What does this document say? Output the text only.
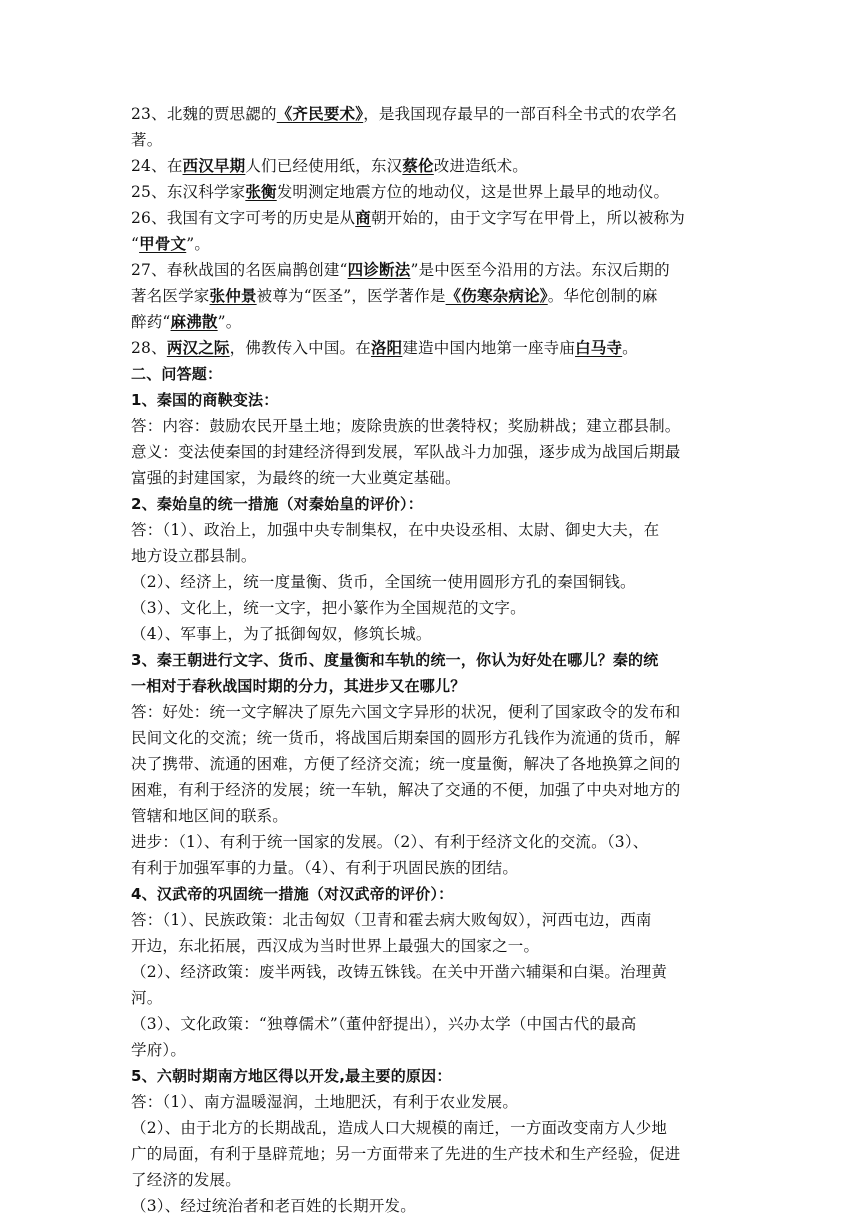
23、北魏的贾思勰的《齐民要术》，是我国现存最早的一部百科全书式的农学名
著。
24、在西汉早期人们已经使用纸，东汉蔡伦改进造纸术。
25、东汉科学家张衡发明测定地震方位的地动仪，这是世界上最早的地动仪。
26、我国有文字可考的历史是从商朝开始的，由于文字写在甲骨上，所以被称为
“甲骨文”。
27、春秋战国的名医扁鹊创建“四诊断法”是中医至今沿用的方法。东汉后期的
著名医学家张仲景被尊为“医圣”，医学著作是《伤寒杂病论》。华佗创制的麻
醉药“麻沸散”。
28、两汉之际，佛教传入中国。在洛阳建造中国内地第一座寺庙白马寺。
二、问答题：
1、秦国的商鞅变法：
答：内容：鼓励农民开垦土地；废除贵族的世袭特权；奖励耕战；建立郡县制。
意义：变法使秦国的封建经济得到发展，军队战斗力加强，逐步成为战国后期最
富强的封建国家，为最终的统一大业奠定基础。
2、秦始皇的统一措施（对秦始皇的评价）：
答：（1）、政治上，加强中央专制集权，在中央设丞相、太尉、御史大夫，在
地方设立郡县制。
（2）、经济上，统一度量衡、货币，全国统一使用圆形方孔的秦国铜钱。
（3）、文化上，统一文字，把小篆作为全国规范的文字。
（4）、军事上，为了抵御匈奴，修筑长城。
3、秦王朝进行文字、货币、度量衡和车轨的统一，你认为好处在哪儿？秦的统
一相对于春秋战国时期的分力，其进步又在哪儿？
答：好处：统一文字解决了原先六国文字异形的状况，便利了国家政令的发布和
民间文化的交流；统一货币，将战国后期秦国的圆形方孔钱作为流通的货币，解
决了携带、流通的困难，方便了经济交流；统一度量衡，解决了各地换算之间的
困难，有利于经济的发展；统一车轨，解决了交通的不便，加强了中央对地方的
管辖和地区间的联系。
进步：（1）、有利于统一国家的发展。（2）、有利于经济文化的交流。（3）、
有利于加强军事的力量。（4）、有利于巩固民族的团结。
4、汉武帝的巩固统一措施（对汉武帝的评价）：
答：（1）、民族政策：北击匈奴（卫青和霍去病大败匈奴），河西屯边，西南
开边，东北拓展，西汉成为当时世界上最强大的国家之一。
（2）、经济政策：废半两钱，改铸五铢钱。在关中开凿六辅渠和白渠。治理黄
河。
（3）、文化政策：“独尊儒术”（董仲舒提出），兴办太学（中国古代的最高
学府）。
5、六朝时期南方地区得以开发,最主要的原因：
答：（1）、南方温暖湿润，土地肥沃，有利于农业发展。
（2）、由于北方的长期战乱，造成人口大规模的南迁，一方面改变南方人少地
广的局面，有利于垦辟荒地；另一方面带来了先进的生产技术和生产经验，促进
了经济的发展。
（3）、经过统治者和老百姓的长期开发。
